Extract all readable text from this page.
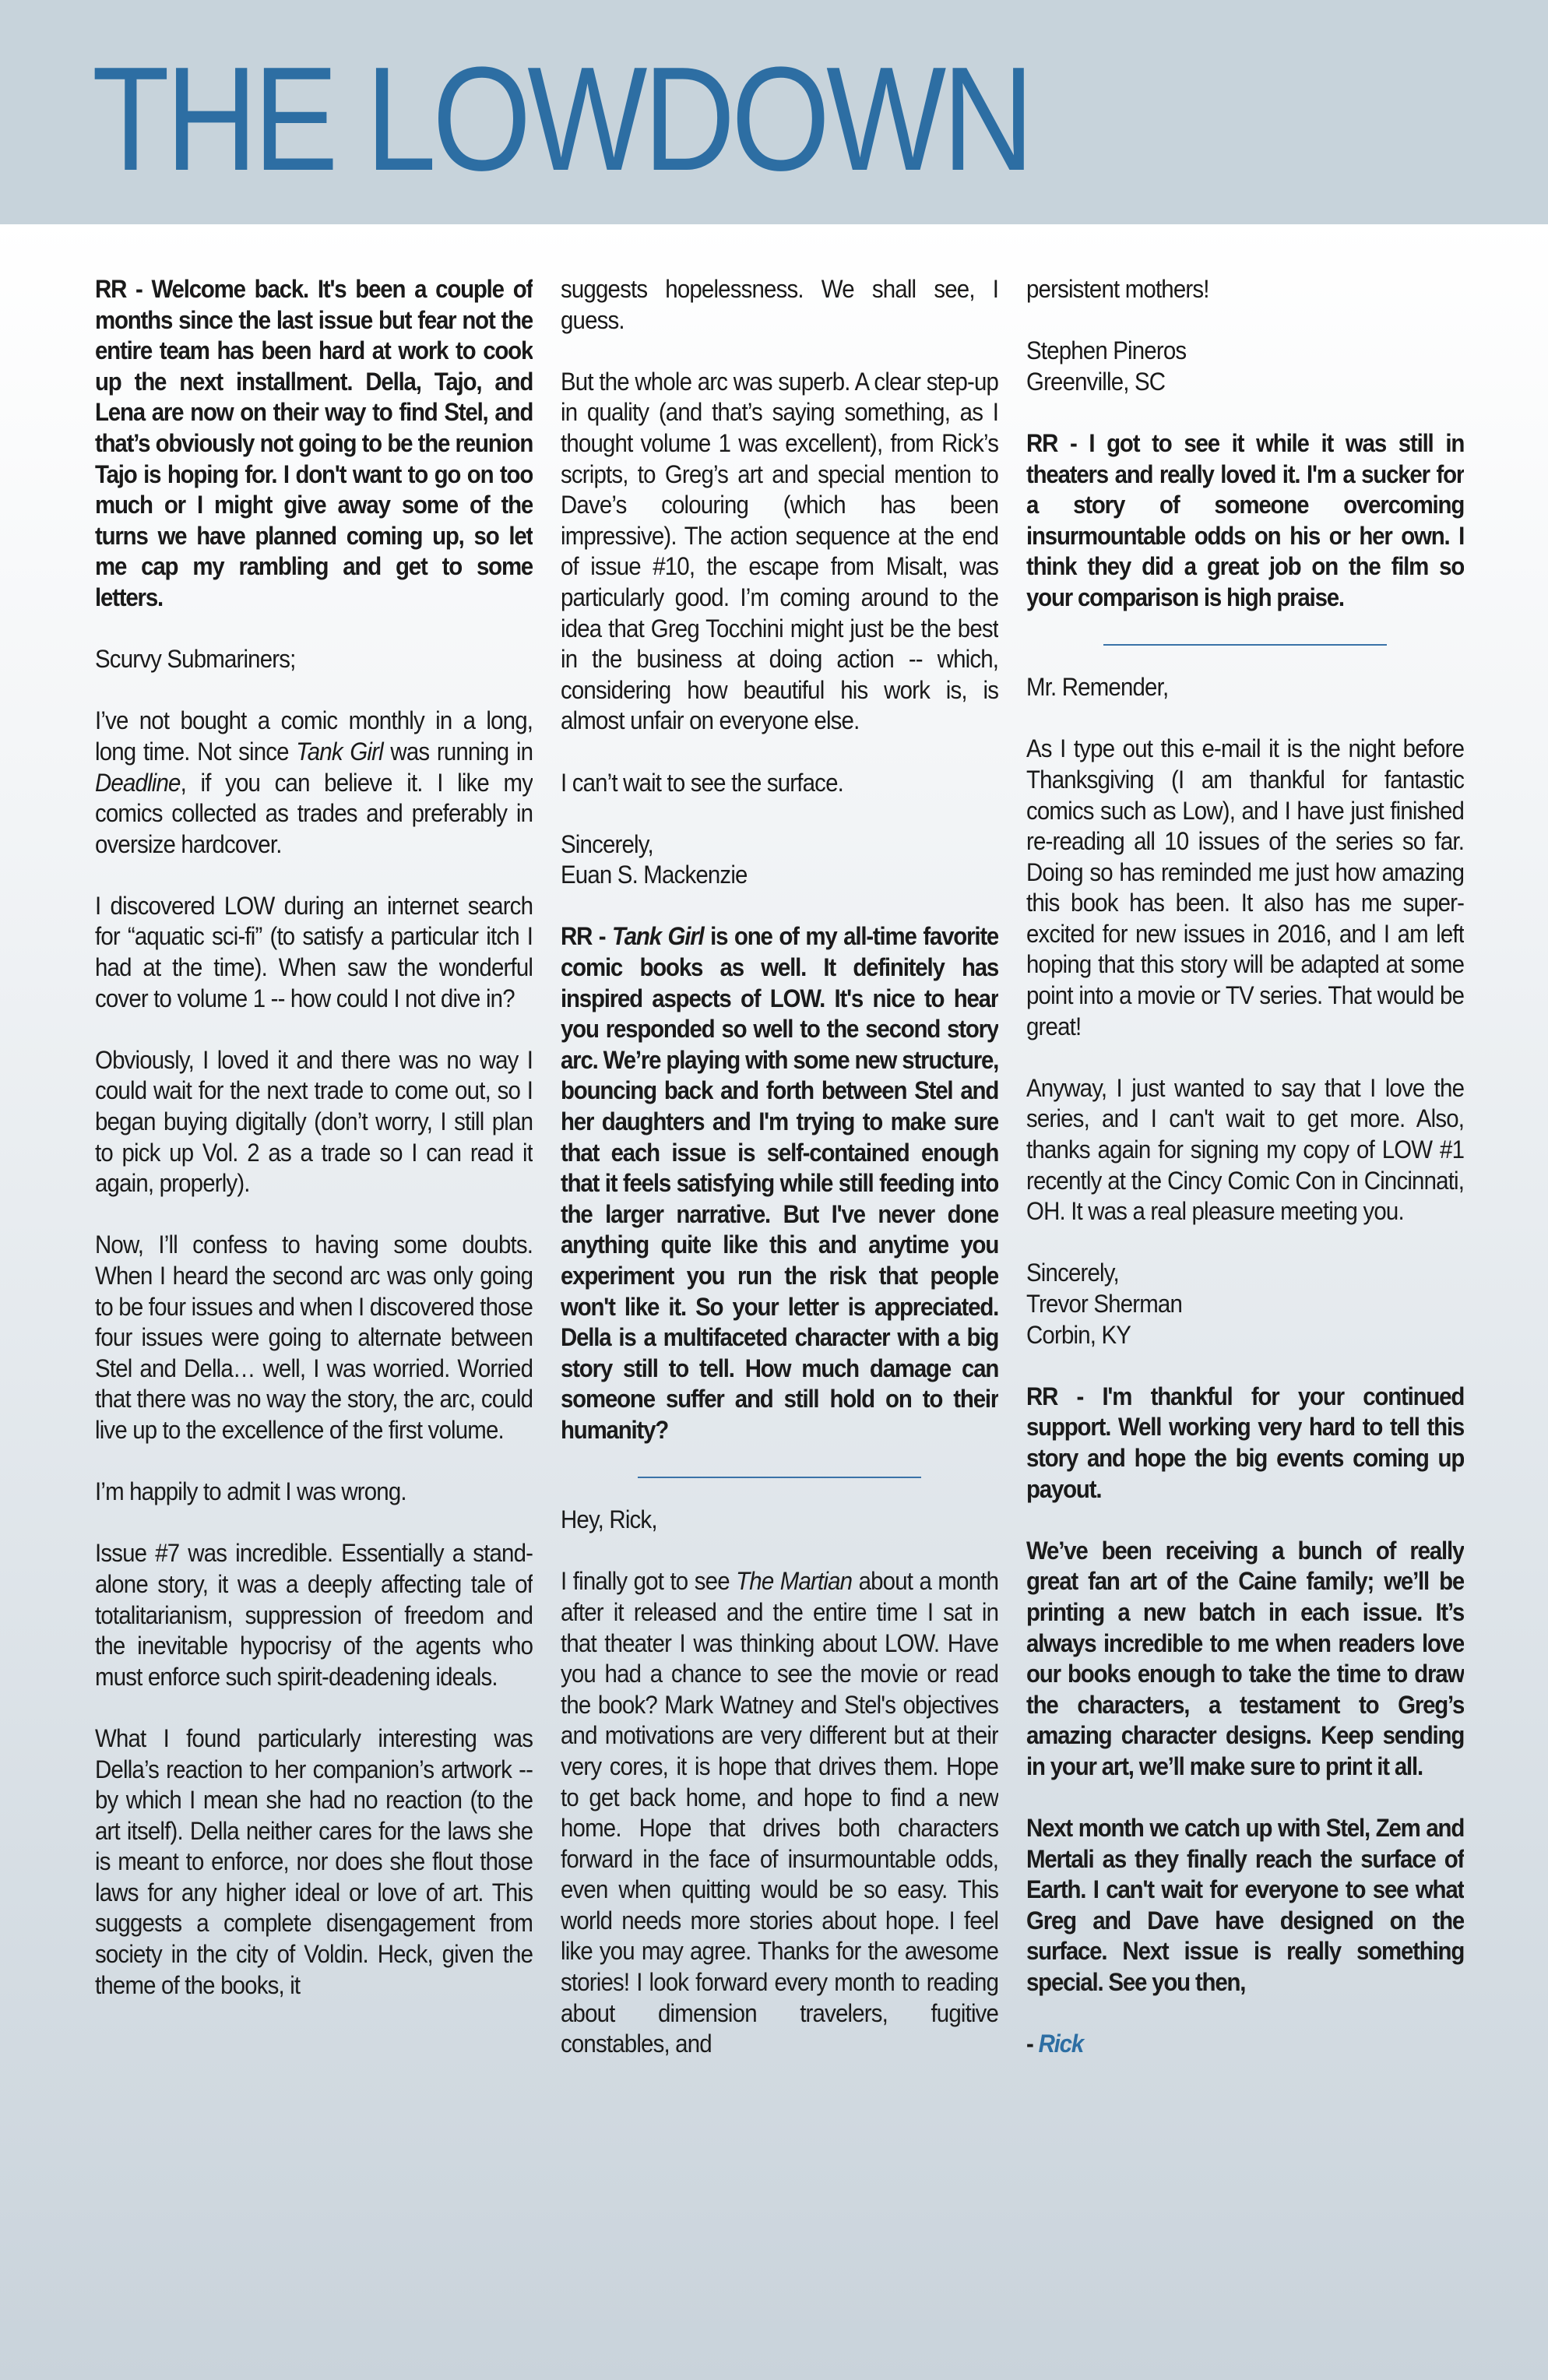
THE LOWDOWN

RR - Welcome back. It's been a couple of months since the last issue but fear not the entire team has been hard at work to cook up the next installment. Della, Tajo, and Lena are now on their way to find Stel, and that’s obviously not going to be the reunion Tajo is hoping for. I don't want to go on too much or I might give away some of the turns we have planned coming up, so let me cap my rambling and get to some letters.

Scurvy Submariners;

I’ve not bought a comic monthly in a long, long time. Not since Tank Girl was running in Deadline, if you can believe it. I like my comics collected as trades and preferably in oversize hardcover.

I discovered LOW during an internet search for “aquatic sci-fi” (to satisfy a particular itch I had at the time). When saw the wonderful cover to volume 1 -- how could I not dive in?

Obviously, I loved it and there was no way I could wait for the next trade to come out, so I began buying digitally (don’t worry, I still plan to pick up Vol. 2 as a trade so I can read it again, properly).

Now, I’ll confess to having some doubts. When I heard the second arc was only going to be four issues and when I discovered those four issues were going to alternate between Stel and Della… well, I was worried. Worried that there was no way the story, the arc, could live up to the excellence of the first volume.

I’m happily to admit I was wrong.

Issue #7 was incredible. Essentially a stand-alone story, it was a deeply affecting tale of totalitarianism, suppression of freedom and the inevitable hypocrisy of the agents who must enforce such spirit-deadening ideals.

What I found particularly interesting was Della’s reaction to her companion’s artwork -- by which I mean she had no reaction (to the art itself). Della neither cares for the laws she is meant to enforce, nor does she flout those laws for any higher ideal or love of art. This suggests a complete disengagement from society in the city of Voldin. Heck, given the theme of the books, it

suggests hopelessness. We shall see, I guess.

But the whole arc was superb. A clear step-up in quality (and that’s saying something, as I thought volume 1 was excellent), from Rick’s scripts, to Greg’s art and special mention to Dave’s colouring (which has been impressive). The action sequence at the end of issue #10, the escape from Misalt, was particularly good. I’m coming around to the idea that Greg Tocchini might just be the best in the business at doing action -- which, considering how beautiful his work is, is almost unfair on everyone else.

I can’t wait to see the surface.

Sincerely,

Euan S. Mackenzie

RR - Tank Girl is one of my all-time favorite comic books as well. It definitely has inspired aspects of LOW. It's nice to hear you responded so well to the second story arc. We’re playing with some new structure, bouncing back and forth between Stel and her daughters and I'm trying to make sure that each issue is self-contained enough that it feels satisfying while still feeding into the larger narrative. But I've never done anything quite like this and anytime you experiment you run the risk that people won't like it. So your letter is appreciated. Della is a multifaceted character with a big story still to tell. How much damage can someone suffer and still hold on to their humanity?

Hey, Rick,

I finally got to see The Martian about a month after it released and the entire time I sat in that theater I was thinking about LOW. Have you had a chance to see the movie or read the book? Mark Watney and Stel's objectives and motivations are very different but at their very cores, it is hope that drives them. Hope to get back home, and hope to find a new home. Hope that drives both characters forward in the face of insurmountable odds, even when quitting would be so easy. This world needs more stories about hope. I feel like you may agree. Thanks for the awesome stories! I look forward every month to reading about dimension travelers, fugitive constables, and

persistent mothers!

Stephen Pineros

Greenville, SC

RR - I got to see it while it was still in theaters and really loved it. I'm a sucker for a story of someone overcoming insurmountable odds on his or her own. I think they did a great job on the film so your comparison is high praise.

Mr. Remender,

As I type out this e-mail it is the night before Thanksgiving (I am thankful for fantastic comics such as Low), and I have just finished re-reading all 10 issues of the series so far. Doing so has reminded me just how amazing this book has been. It also has me super-excited for new issues in 2016, and I am left hoping that this story will be adapted at some point into a movie or TV series. That would be great!

Anyway, I just wanted to say that I love the series, and I can't wait to get more. Also, thanks again for signing my copy of LOW #1 recently at the Cincy Comic Con in Cincinnati, OH. It was a real pleasure meeting you.

Sincerely,

Trevor Sherman

Corbin, KY

RR - I'm thankful for your continued support. Well working very hard to tell this story and hope the big events coming up payout.

We’ve been receiving a bunch of really great fan art of the Caine family; we’ll be printing a new batch in each issue. It’s always incredible to me when readers love our books enough to take the time to draw the characters, a testament to Greg’s amazing character designs. Keep sending in your art, we’ll make sure to print it all.

Next month we catch up with Stel, Zem and Mertali as they finally reach the surface of Earth. I can't wait for everyone to see what Greg and Dave have designed on the surface. Next issue is really something special. See you then,

- Rick
